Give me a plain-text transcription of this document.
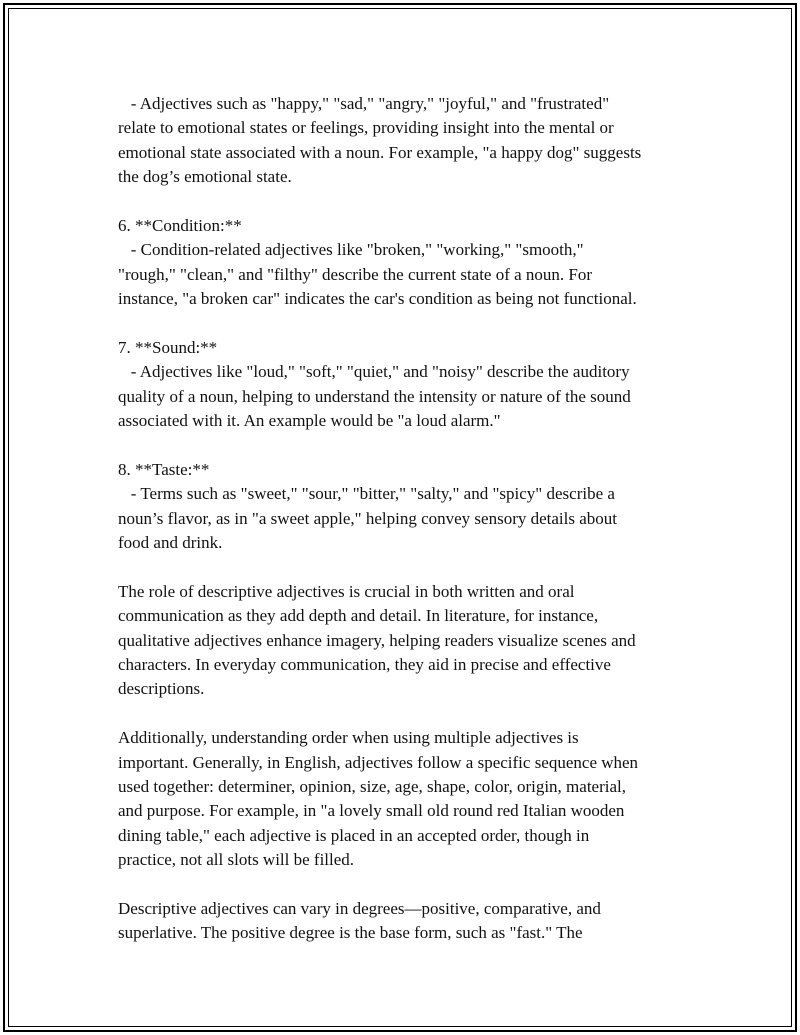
- Adjectives such as "happy," "sad," "angry," "joyful," and "frustrated"
relate to emotional states or feelings, providing insight into the mental or
emotional state associated with a noun. For example, "a happy dog" suggests
the dog’s emotional state.
6. **Condition:**
- Condition-related adjectives like "broken," "working," "smooth,"
"rough," "clean," and "filthy" describe the current state of a noun. For
instance, "a broken car" indicates the car's condition as being not functional.
7. **Sound:**
- Adjectives like "loud," "soft," "quiet," and "noisy" describe the auditory
quality of a noun, helping to understand the intensity or nature of the sound
associated with it. An example would be "a loud alarm."
8. **Taste:**
- Terms such as "sweet," "sour," "bitter," "salty," and "spicy" describe a
noun’s flavor, as in "a sweet apple," helping convey sensory details about
food and drink.
The role of descriptive adjectives is crucial in both written and oral
communication as they add depth and detail. In literature, for instance,
qualitative adjectives enhance imagery, helping readers visualize scenes and
characters. In everyday communication, they aid in precise and effective
descriptions.
Additionally, understanding order when using multiple adjectives is
important. Generally, in English, adjectives follow a specific sequence when
used together: determiner, opinion, size, age, shape, color, origin, material,
and purpose. For example, in "a lovely small old round red Italian wooden
dining table," each adjective is placed in an accepted order, though in
practice, not all slots will be filled.
Descriptive adjectives can vary in degrees—positive, comparative, and
superlative. The positive degree is the base form, such as "fast." The
